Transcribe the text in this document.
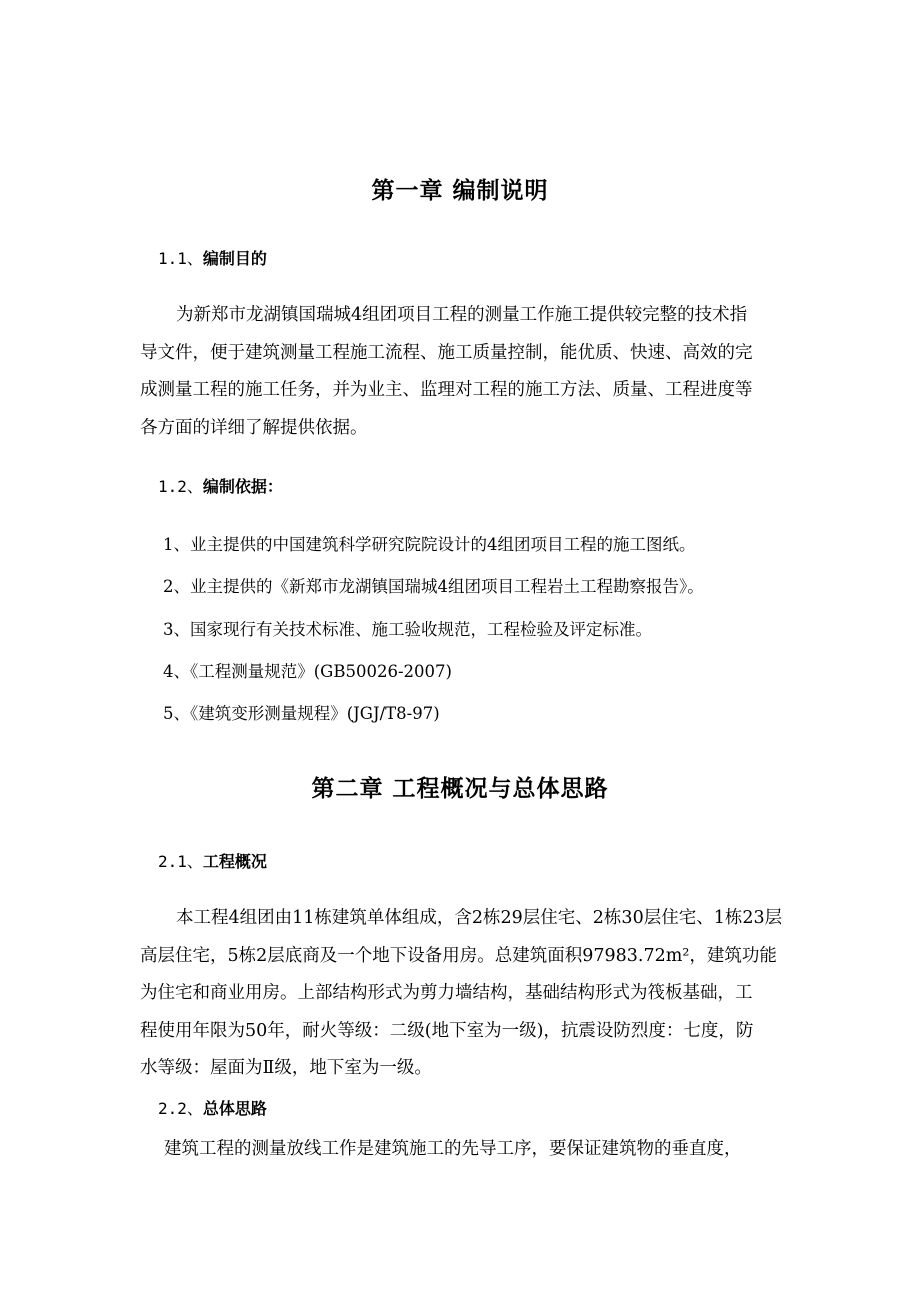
第一章 编制说明
1.1、编制目的
为新郑市龙湖镇国瑞城4组团项目工程的测量工作施工提供较完整的技术指
导文件，便于建筑测量工程施工流程、施工质量控制，能优质、快速、高效的完
成测量工程的施工任务，并为业主、监理对工程的施工方法、质量、工程进度等
各方面的详细了解提供依据。
1.2、编制依据：
1、业主提供的中国建筑科学研究院院设计的4组团项目工程的施工图纸。
2、业主提供的《新郑市龙湖镇国瑞城4组团项目工程岩土工程勘察报告》。
3、国家现行有关技术标准、施工验收规范，工程检验及评定标准。
4、《工程测量规范》(GB50026-2007)
5、《建筑变形测量规程》(JGJ/T8-97)
第二章 工程概况与总体思路
2.1、工程概况
本工程4组团由11栋建筑单体组成，含2栋29层住宅、2栋30层住宅、1栋23层
高层住宅，5栋2层底商及一个地下设备用房。总建筑面积97983.72m²，建筑功能
为住宅和商业用房。上部结构形式为剪力墙结构，基础结构形式为筏板基础，工
程使用年限为50年，耐火等级：二级(地下室为一级)，抗震设防烈度：七度，防
水等级：屋面为Ⅱ级，地下室为一级。
2.2、总体思路
建筑工程的测量放线工作是建筑施工的先导工序，要保证建筑物的垂直度，
